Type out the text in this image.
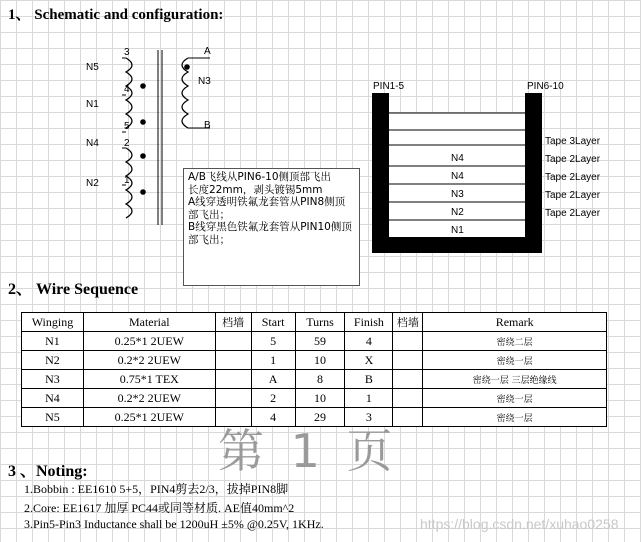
1、 Schematic and configuration:
3
4
5
2
1
N5
N1
N4
N2
A
N3
B
A/B飞线从PIN6-10侧顶部飞出
长度22mm，剥头镀锡5mm
A线穿透明铁氟龙套管从PIN8侧顶部飞出；
B线穿黑色铁氟龙套管从PIN10侧顶部飞出；
PIN1-5	PIN6-10
N4
N4
N3
N2
N1
Tape 3Layer
Tape 2Layer
Tape 2Layer
Tape 2Layer
Tape 2Layer
2、 Wire Sequence
Winging	Material	档墙	Start	Turns	Finish	档墙	Remark
N1	0.25*1 2UEW		5	59	4		密绕二层
N2	0.2*2 2UEW		1	10	X		密绕一层
N3	0.75*1 TEX		A	8	B		密绕一层 三层绝缘线
N4	0.2*2 2UEW		2	10	1		密绕一层
N5	0.25*1 2UEW		4	29	3		密绕一层
第 1 页
3 、Noting:
1.Bobbin : EE1610 5+5，PIN4剪去2/3，拔掉PIN8脚
2.Core: EE1617 加厚 PC44或同等材质. AE值40mm^2
3.Pin5-Pin3 Inductance shall be 1200uH ±5% @0.25V, 1KHz.	https://blog.csdn.net/xuhao0258
